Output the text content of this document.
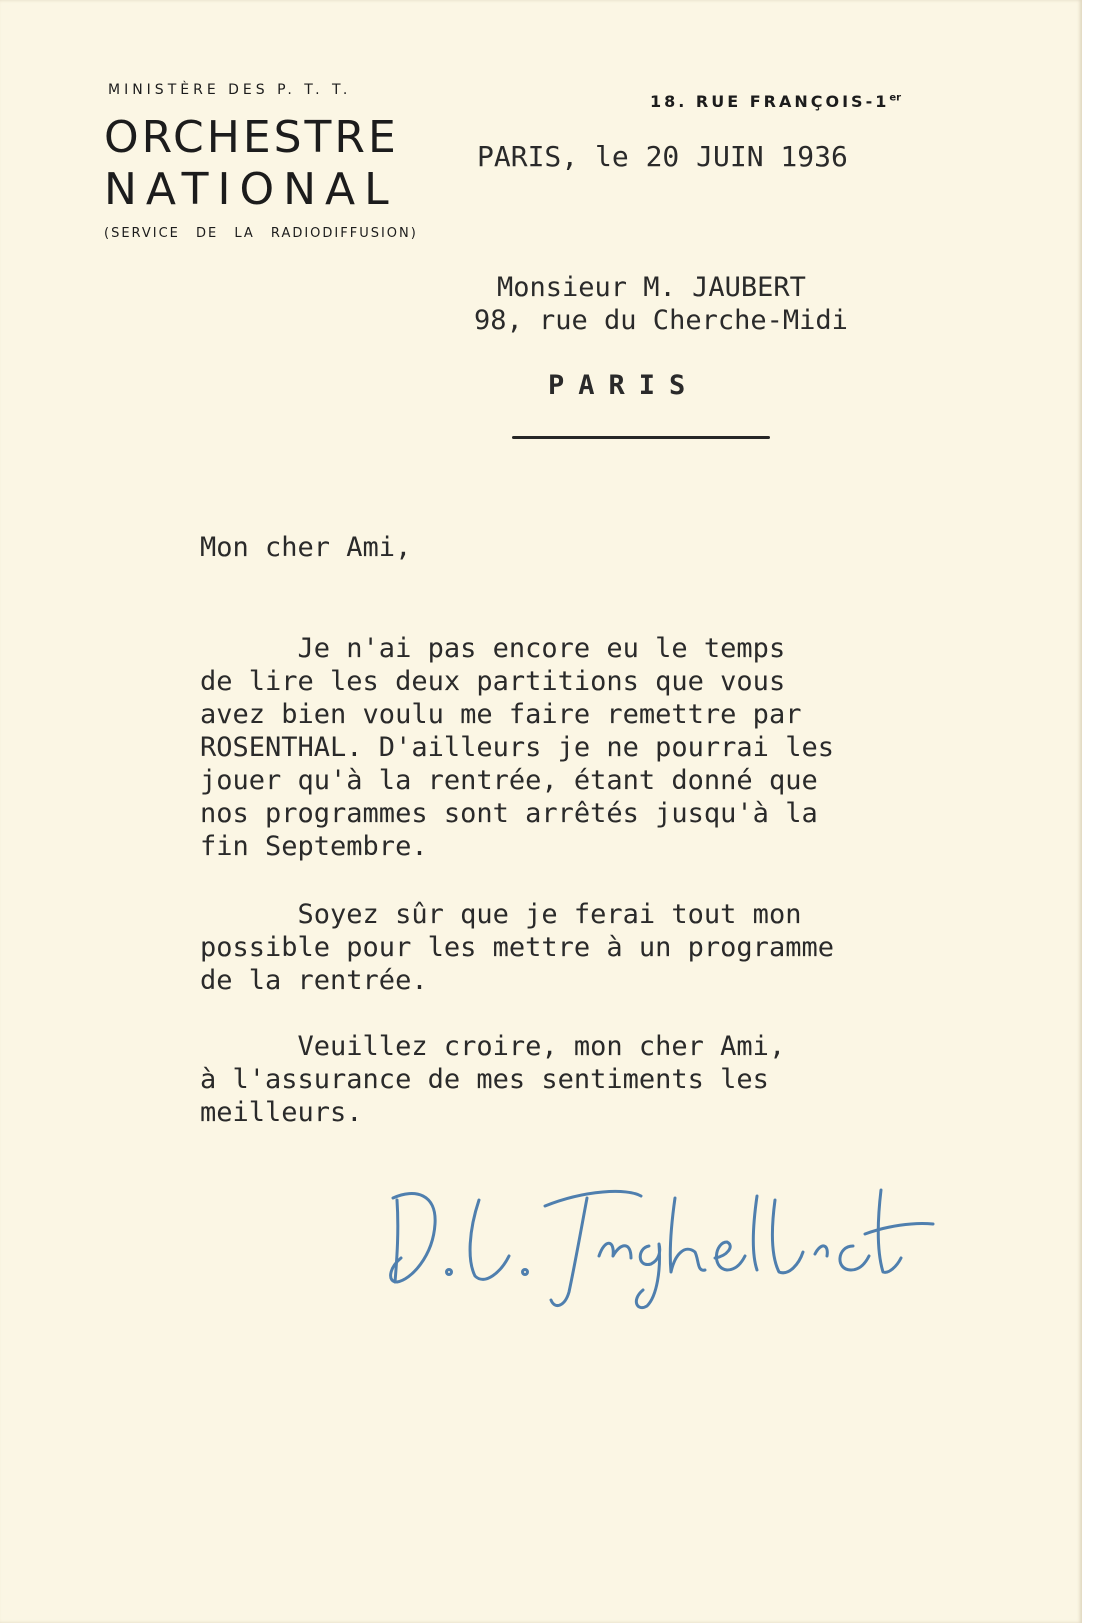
MINISTÈRE DES P. T. T.
ORCHESTRE
NATIONAL
(SERVICE DE LA RADIODIFFUSION)
18. RUE FRANÇOIS-1er
PARIS, le 20 JUIN 1936
Monsieur M. JAUBERT
98, rue du Cherche-Midi
PARIS
Mon cher Ami,
Je n'ai pas encore eu le temps
de lire les deux partitions que vous
avez bien voulu me faire remettre par
ROSENTHAL. D'ailleurs je ne pourrai les
jouer qu'à la rentrée, étant donné que
nos programmes sont arrêtés jusqu'à la
fin Septembre.
Soyez sûr que je ferai tout mon
possible pour les mettre à un programme
de la rentrée.
Veuillez croire, mon cher Ami,
à l'assurance de mes sentiments les
meilleurs.
